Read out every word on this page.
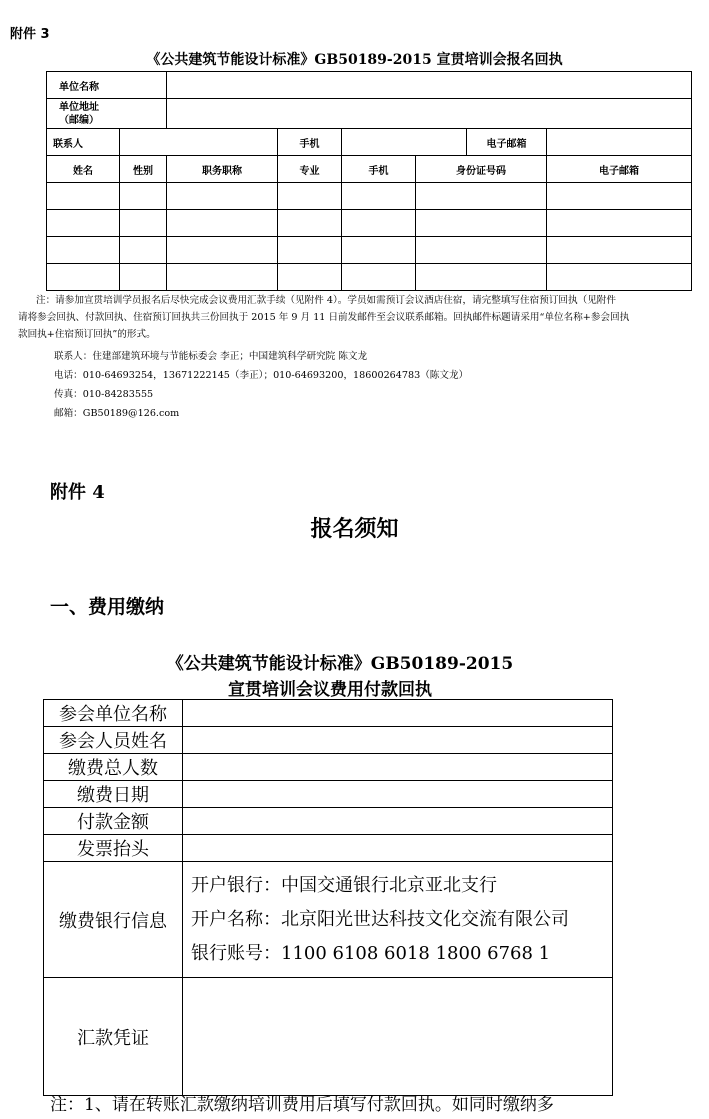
附件 3
《公共建筑节能设计标准》GB50189-2015 宣贯培训会报名回执
单位名称							

单位地址
（邮编）							

联系人			手机			电子邮箱	
姓名	性别	职务职称	专业	手机	身份证号码		电子邮箱

注：请参加宣贯培训学员报名后尽快完成会议费用汇款手续（见附件 4）。学员如需预订会议酒店住宿，请完整填写住宿预订回执（见附件
请将参会回执、付款回执、住宿预订回执共三份回执于 2015 年 9 月 11 日前发邮件至会议联系邮箱。回执邮件标题请采用“单位名称+参会回执
款回执+住宿预订回执”的形式。
联系人：住建部建筑环境与节能标委会 李正；中国建筑科学研究院 陈文龙
电话：010-64693254，13671222145（李正）；010-64693200，18600264783（陈文龙）
传真：010-84283555
邮箱：GB50189@126.com
附件 4
报名须知
一、费用缴纳
《公共建筑节能设计标准》GB50189-2015
宣贯培训会议费用付款回执
参会单位名称	
参会人员姓名	
缴费总人数	
缴费日期	
付款金额	
发票抬头	
缴费银行信息	开户银行：中国交通银行北京亚北支行
开户名称：北京阳光世达科技文化交流有限公司
银行账号：1100 6108 6018 1800 6768 1

汇款凭证	
注：1、请在转账汇款缴纳培训费用后填写付款回执。如同时缴纳多
